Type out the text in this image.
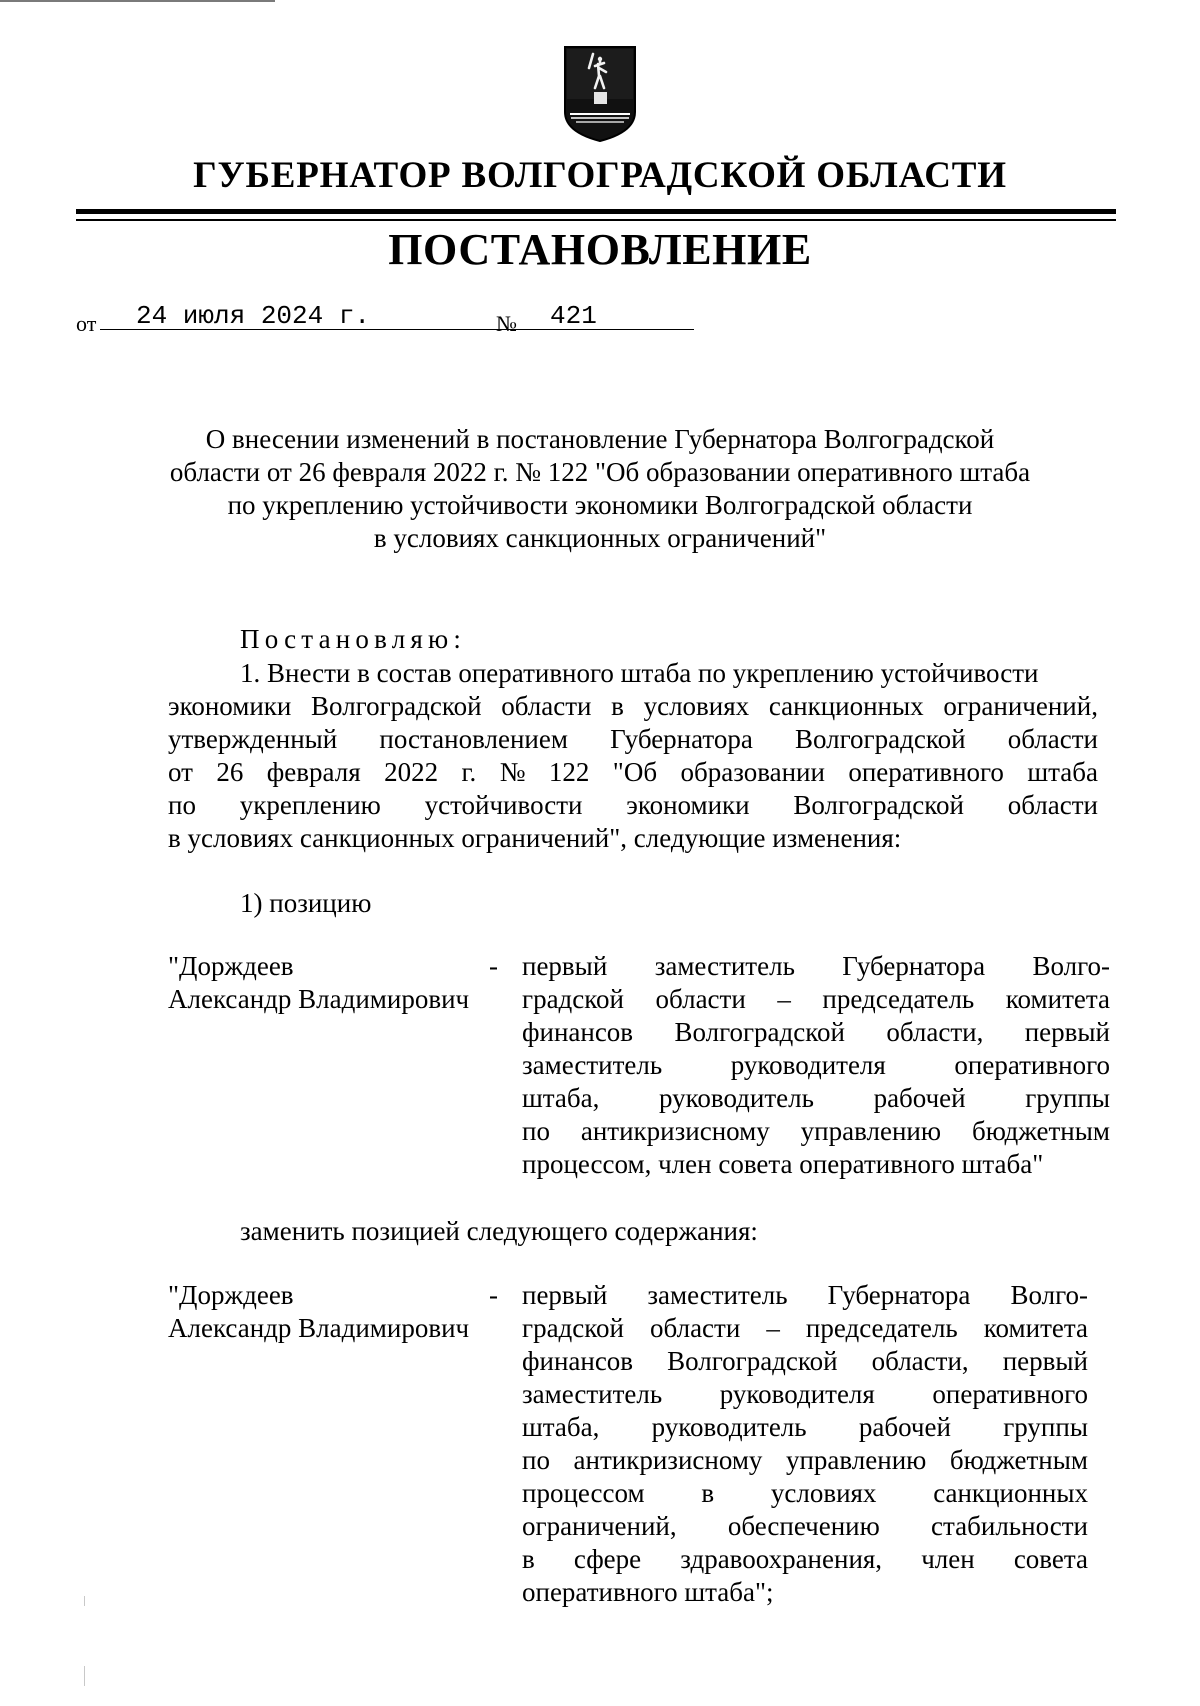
ГУБЕРНАТОР ВОЛГОГРАДСКОЙ ОБЛАСТИ
ПОСТАНОВЛЕНИЕ
от 24 июля 2024 г.	№ 421
О внесении изменений в постановление Губернатора Волгоградской
области от 26 февраля 2022 г. № 122 "Об образовании оперативного штаба
по укреплению устойчивости экономики Волгоградской области
в условиях санкционных ограничений"
Постановляю:
1. Внести в состав оперативного штаба по укреплению устойчивости
экономики Волгоградской области в условиях санкционных ограничений,
утвержденный постановлением Губернатора Волгоградской области
от 26 февраля 2022 г. № 122 "Об образовании оперативного штаба
по укреплению устойчивости экономики Волгоградской области
в условиях санкционных ограничений", следующие изменения:
1) позицию
"Дорждеев
Александр Владимирович
- первый заместитель Губернатора Волго-
градской области – председатель комитета
финансов Волгоградской области, первый
заместитель	руководителя	оперативного
штаба, руководитель рабочей группы
по антикризисному управлению бюджетным
процессом, член совета оперативного штаба"
заменить позицией следующего содержания:
"Дорждеев
Александр Владимирович
- первый заместитель Губернатора Волго-
градской области – председатель комитета
финансов Волгоградской области, первый
заместитель руководителя оперативного
штаба, руководитель рабочей группы
по антикризисному управлению бюджетным
процессом в условиях санкционных
ограничений, обеспечению стабильности
в сфере здравоохранения, член совета
оперативного штаба";
